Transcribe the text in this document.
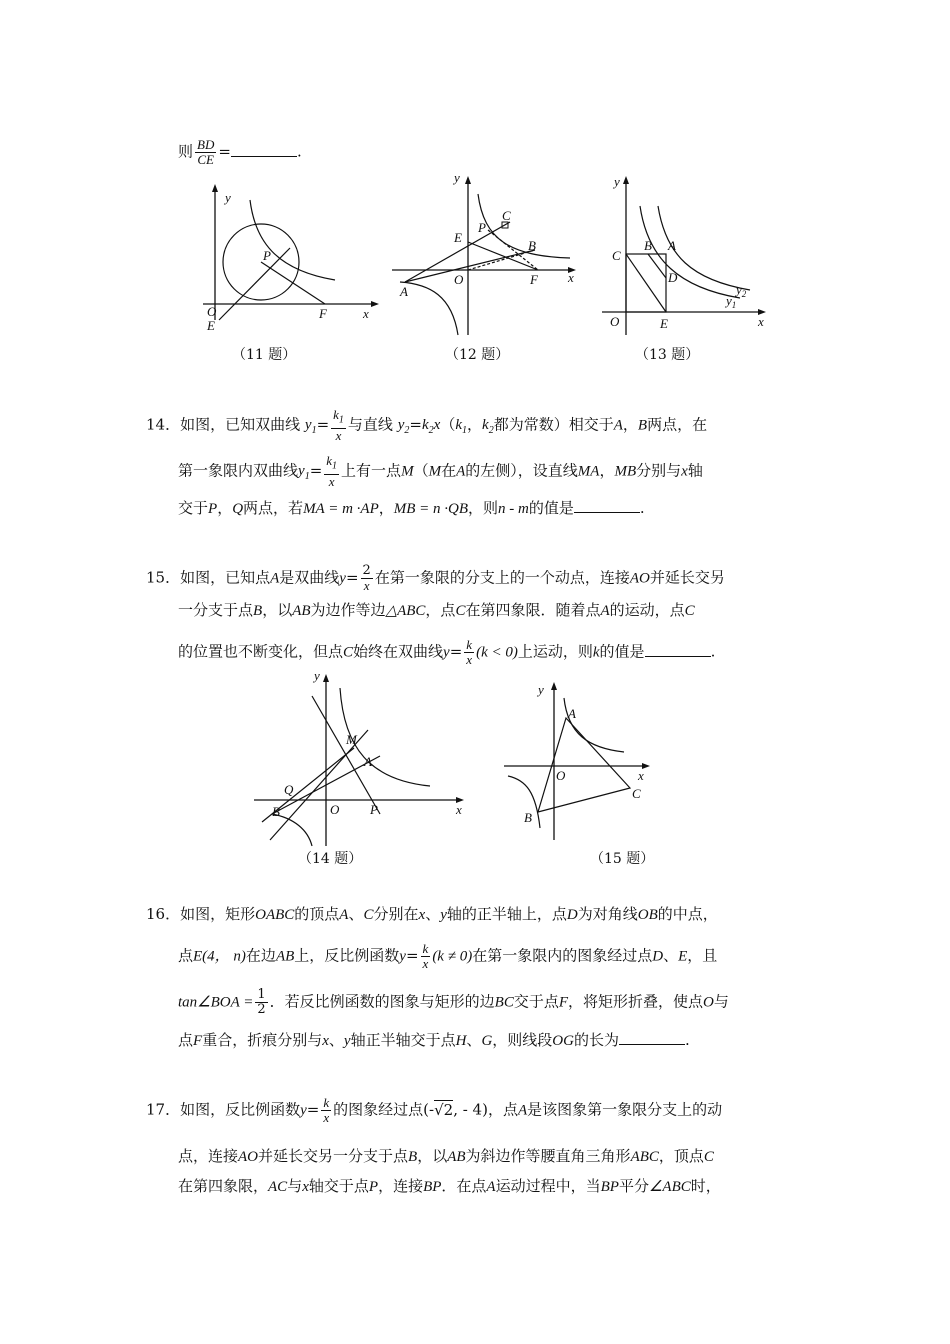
则 $\frac{BD}{CE}$ =	.
y
x
O
E
P
F
（11 题）
y
x
O
E
P
C
B
A
F
（12 题）
y
x
O	E
C
B A
D
$y_2$
$y_1$
（13 题）
14．如图，已知双曲线 $y_1= \frac{k_1}{x}$ 与直线 $y_2=k_2x(k_1$，$k_2$都为常数）相交于A，B两点，在
第一象限内双曲线$y_1= \frac{k_1}{x}$ 上有一点M（M在A的左侧），设直线MA，MB分别与x轴
交于P，Q两点，若MA = m ·AP，MB = n ·QB，则n - m的值是	.
15．如图，已知点A是双曲线$y= \frac{2}{x}$ 在第一象限的分支上的一个动点，连接AO并延长交另
一分支于点B，以AB为边作等边△ABC，点C在第四象限．随着点A的运动，点C
的位置也不断变化，但点C始终在双曲线$y= \frac{k}{x} (k < 0)$上运动，则k的值是	.
y
x
O
M
A
Q
B	P
（14 题）
y
x
O
A
B
C
（15 题）
16．如图，矩形OABC的顶点A、C分别在x、y轴的正半轴上，点D为对角线OB的中点，
点E(4， n)在边AB上，反比例函数$y= \frac{k}{x} (k \ne 0)$在第一象限内的图象经过点D、E，且
tan∠BOA = $\frac{1}{2}$ ．若反比例函数的图象与矩形的边BC交于点F，将矩形折叠，使点O与
点F重合，折痕分别与x、y轴正半轴交于点H、G，则线段OG的长为	.
17．如图，反比例函数$y= \frac{k}{x}$ 的图象经过点(-√2, - 4)，点A是该图象第一象限分支上的动
点，连接AO并延长交另一分支于点B，以AB为斜边作等腰直角三角形ABC，顶点C
在第四象限，AC与x轴交于点P，连接BP．在点A运动过程中，当BP平分∠ABC时，
